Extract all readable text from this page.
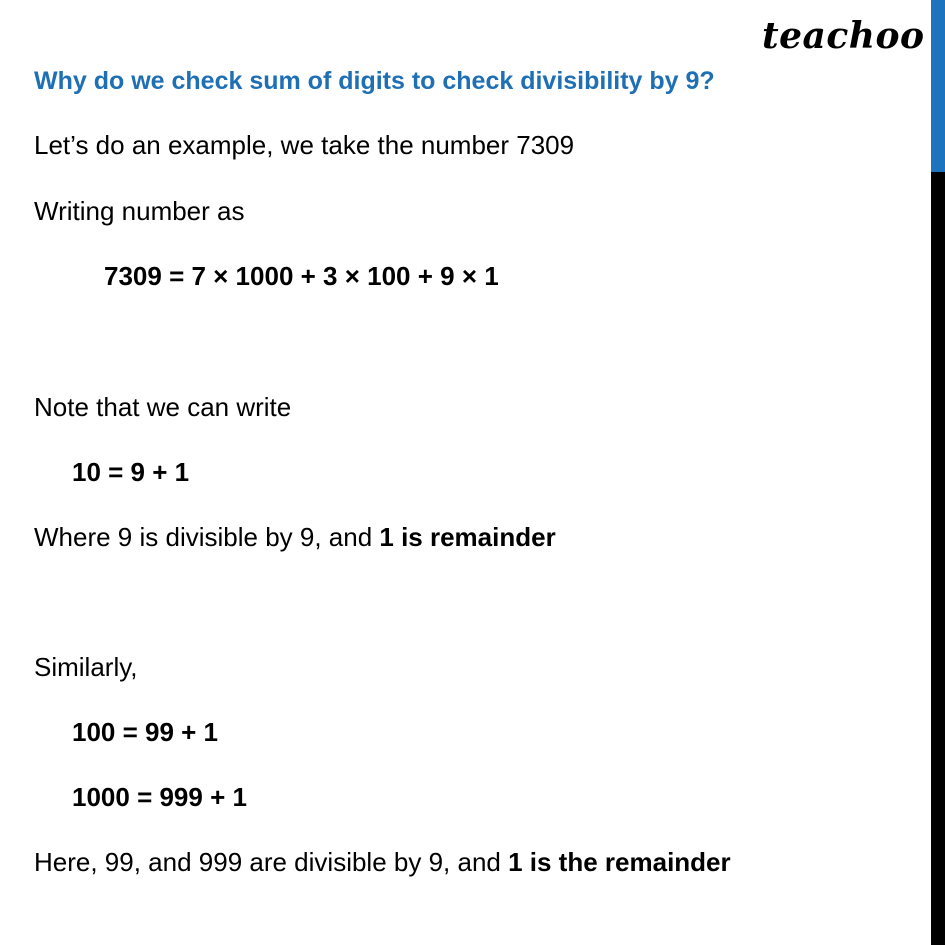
teachoo
Why do we check sum of digits to check divisibility by 9?
Let’s do an example, we take the number 7309
Writing number as
7309 = 7 × 1000 + 3 × 100 + 9 × 1
Note that we can write
10 = 9 + 1
Where 9 is divisible by 9, and 1 is remainder
Similarly,
100 = 99 + 1
1000 = 999 + 1
Here, 99, and 999 are divisible by 9, and 1 is the remainder
